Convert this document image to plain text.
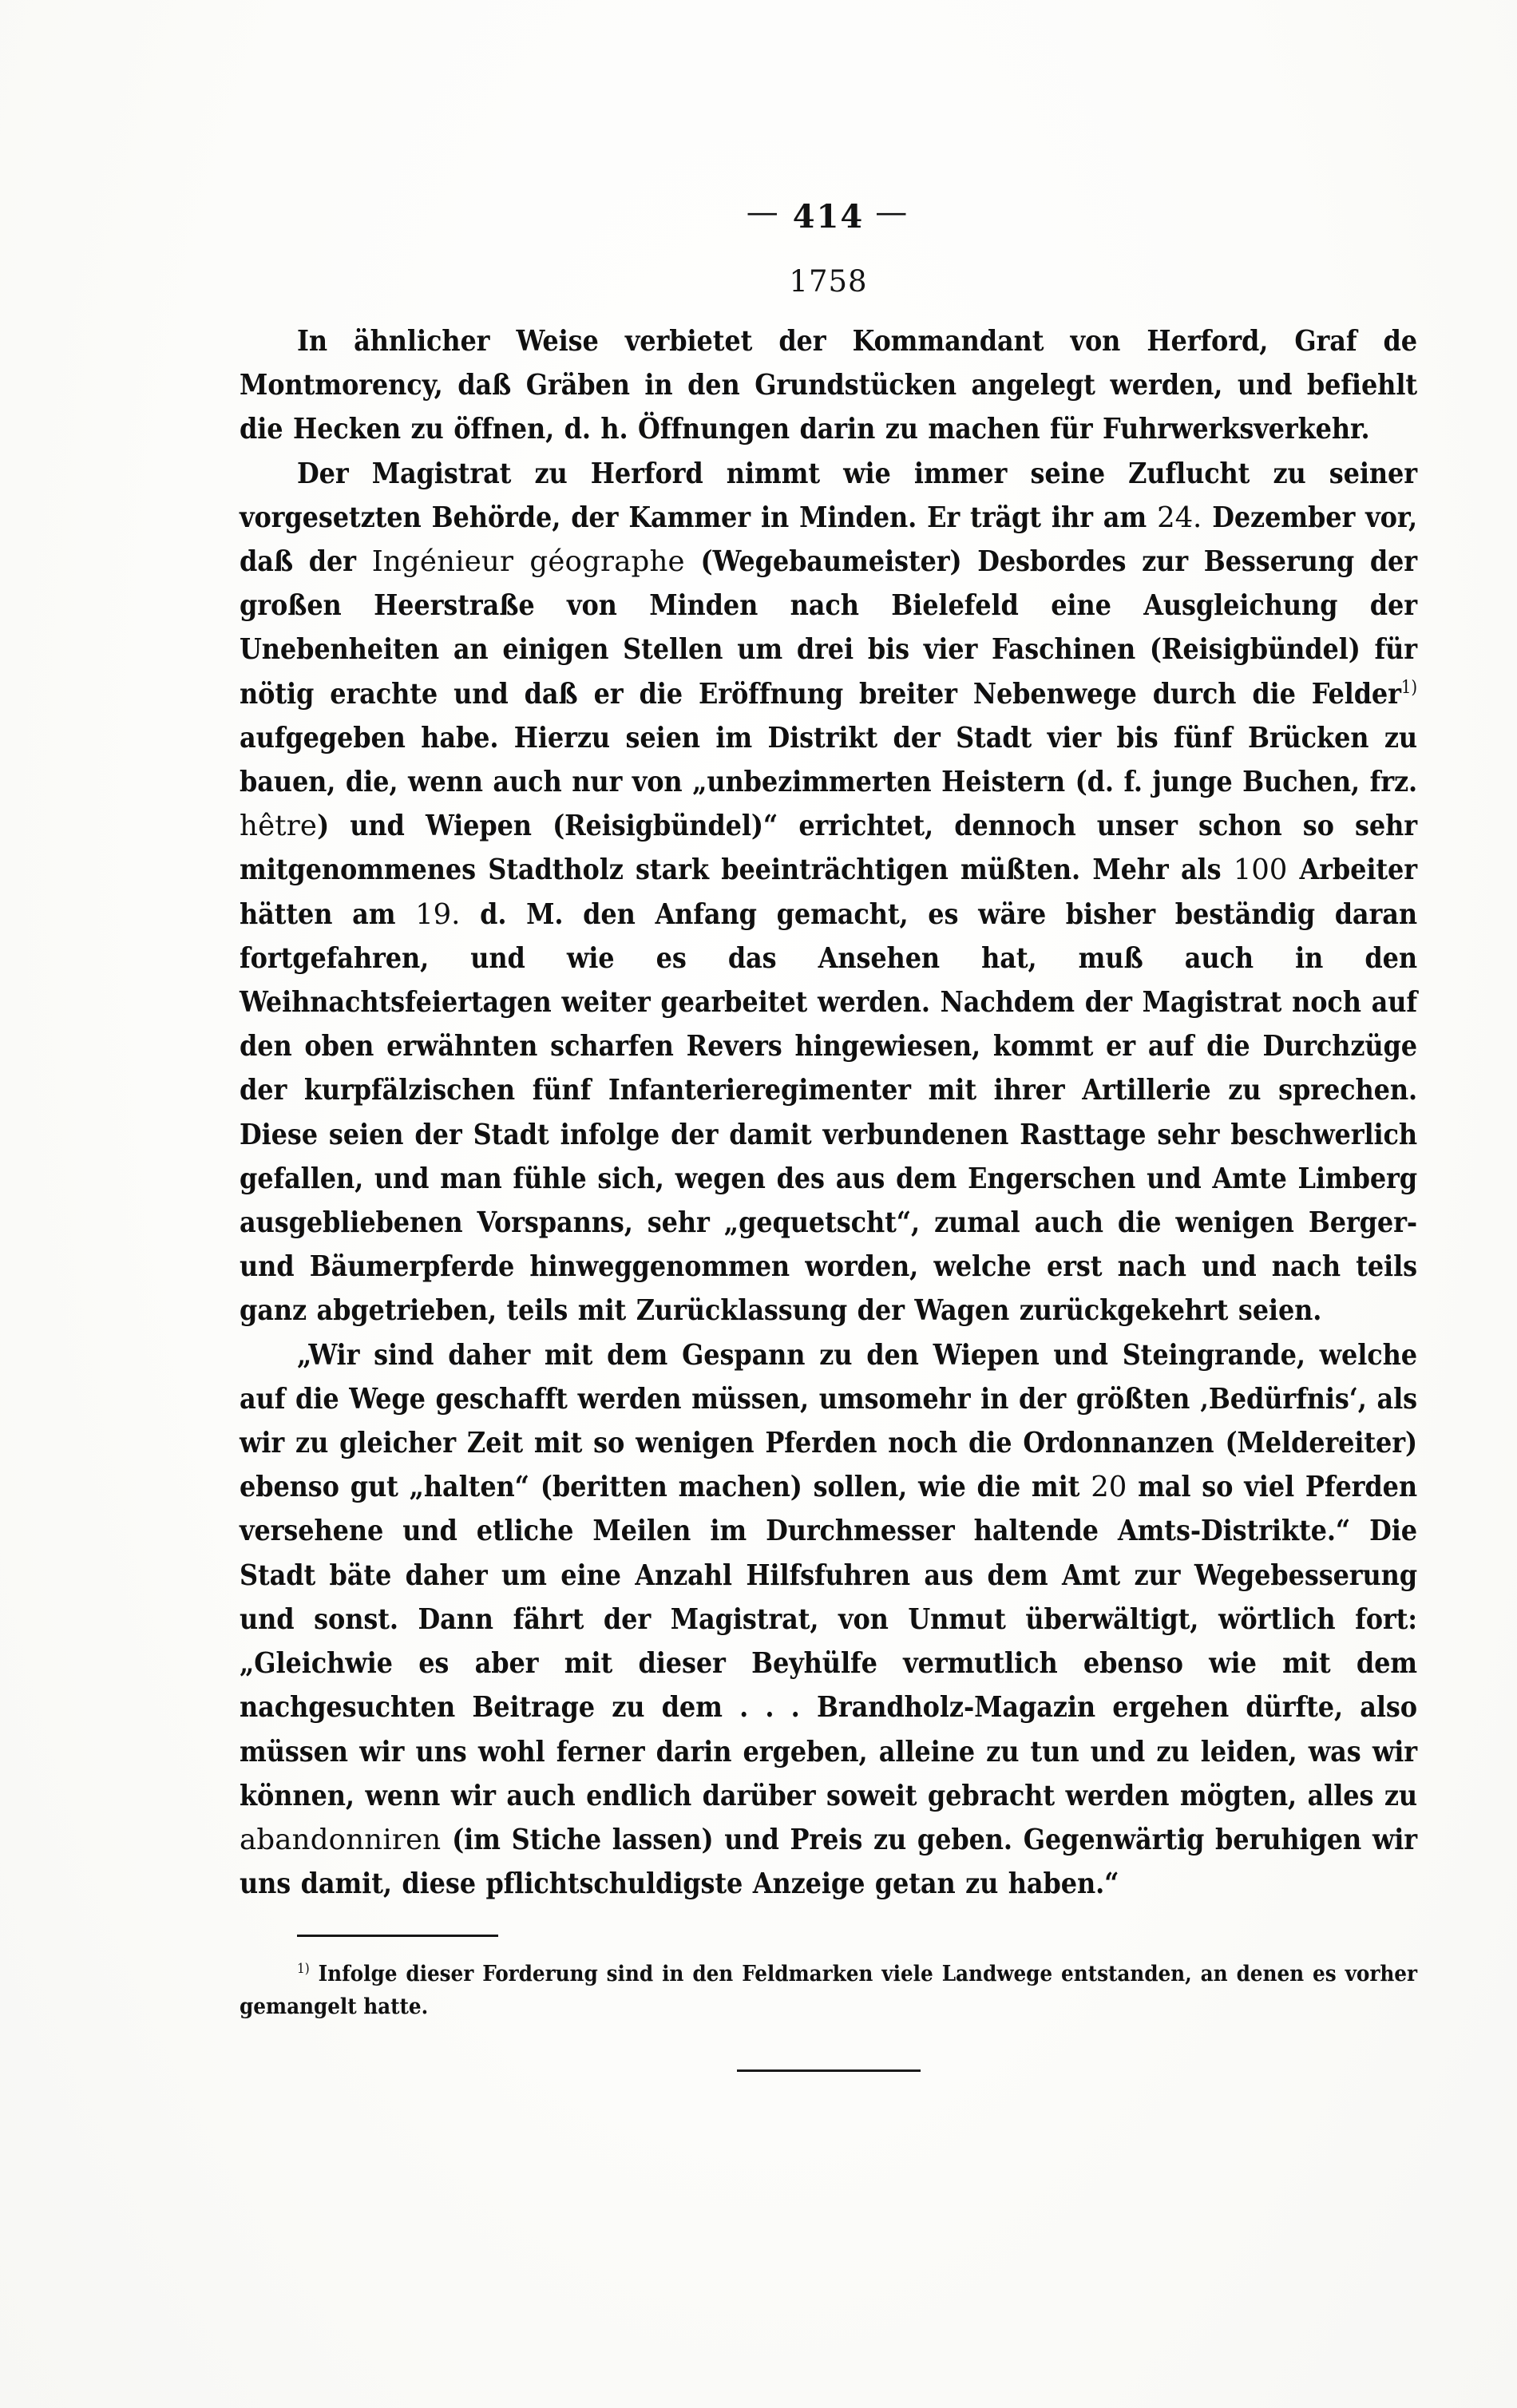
— 414 —
1758

In ähnlicher Weise verbietet der Kommandant von Herford, Graf de Montmorency, daß Gräben in den Grundstücken angelegt werden, und befiehlt die Hecken zu öffnen, d. h. Öffnungen darin zu machen für Fuhrwerksverkehr.

Der Magistrat zu Herford nimmt wie immer seine Zuflucht zu seiner vorgesetzten Behörde, der Kammer in Minden. Er trägt ihr am 24. Dezember vor, daß der Ingénieur géographe (Wegebaumeister) Desbordes zur Besserung der großen Heerstraße von Minden nach Bielefeld eine Ausgleichung der Unebenheiten an einigen Stellen um drei bis vier Faschinen (Reisigbündel) für nötig erachte und daß er die Eröffnung breiter Nebenwege durch die Felder$^{1)}$ aufgegeben habe. Hierzu seien im Distrikt der Stadt vier bis fünf Brücken zu bauen, die, wenn auch nur von „unbezimmerten Heistern (d. f. junge Buchen, frz. hêtre) und Wiepen (Reisigbündel)“ errichtet, dennoch unser schon so sehr mitgenommenes Stadtholz stark beeinträchtigen müßten. Mehr als 100 Arbeiter hätten am 19. d. M. den Anfang gemacht, es wäre bisher beständig daran fortgefahren, und wie es das Ansehen hat, muß auch in den Weihnachtsfeiertagen weiter gearbeitet werden. Nachdem der Magistrat noch auf den oben erwähnten scharfen Revers hingewiesen, kommt er auf die Durchzüge der kurpfälzischen fünf Infanterieregimenter mit ihrer Artillerie zu sprechen. Diese seien der Stadt infolge der damit verbundenen Rasttage sehr beschwerlich gefallen, und man fühle sich, wegen des aus dem Engerschen und Amte Limberg ausgebliebenen Vorspanns, sehr „gequetscht“, zumal auch die wenigen Berger- und Bäumerpferde hinweggenommen worden, welche erst nach und nach teils ganz abgetrieben, teils mit Zurücklassung der Wagen zurückgekehrt seien.

„Wir sind daher mit dem Gespann zu den Wiepen und Steingrande, welche auf die Wege geschafft werden müssen, umsomehr in der größten ‚Bedürfnis‘, als wir zu gleicher Zeit mit so wenigen Pferden noch die Ordonnanzen (Meldereiter) ebenso gut „halten“ (beritten machen) sollen, wie die mit 20 mal so viel Pferden versehene und etliche Meilen im Durchmesser haltende Amts-Distrikte.“ Die Stadt bäte daher um eine Anzahl Hilfsfuhren aus dem Amt zur Wegebesserung und sonst. Dann fährt der Magistrat, von Unmut überwältigt, wörtlich fort: „Gleichwie es aber mit dieser Beyhülfe vermutlich ebenso wie mit dem nachgesuchten Beitrage zu dem . . . Brandholz-Magazin ergehen dürfte, also müssen wir uns wohl ferner darin ergeben, alleine zu tun und zu leiden, was wir können, wenn wir auch endlich darüber soweit gebracht werden mögten, alles zu abandonniren (im Stiche lassen) und Preis zu geben. Gegenwärtig beruhigen wir uns damit, diese pflichtschuldigste Anzeige getan zu haben.“

$^{1)}$ Infolge dieser Forderung sind in den Feldmarken viele Landwege entstanden, an denen es vorher gemangelt hatte.
